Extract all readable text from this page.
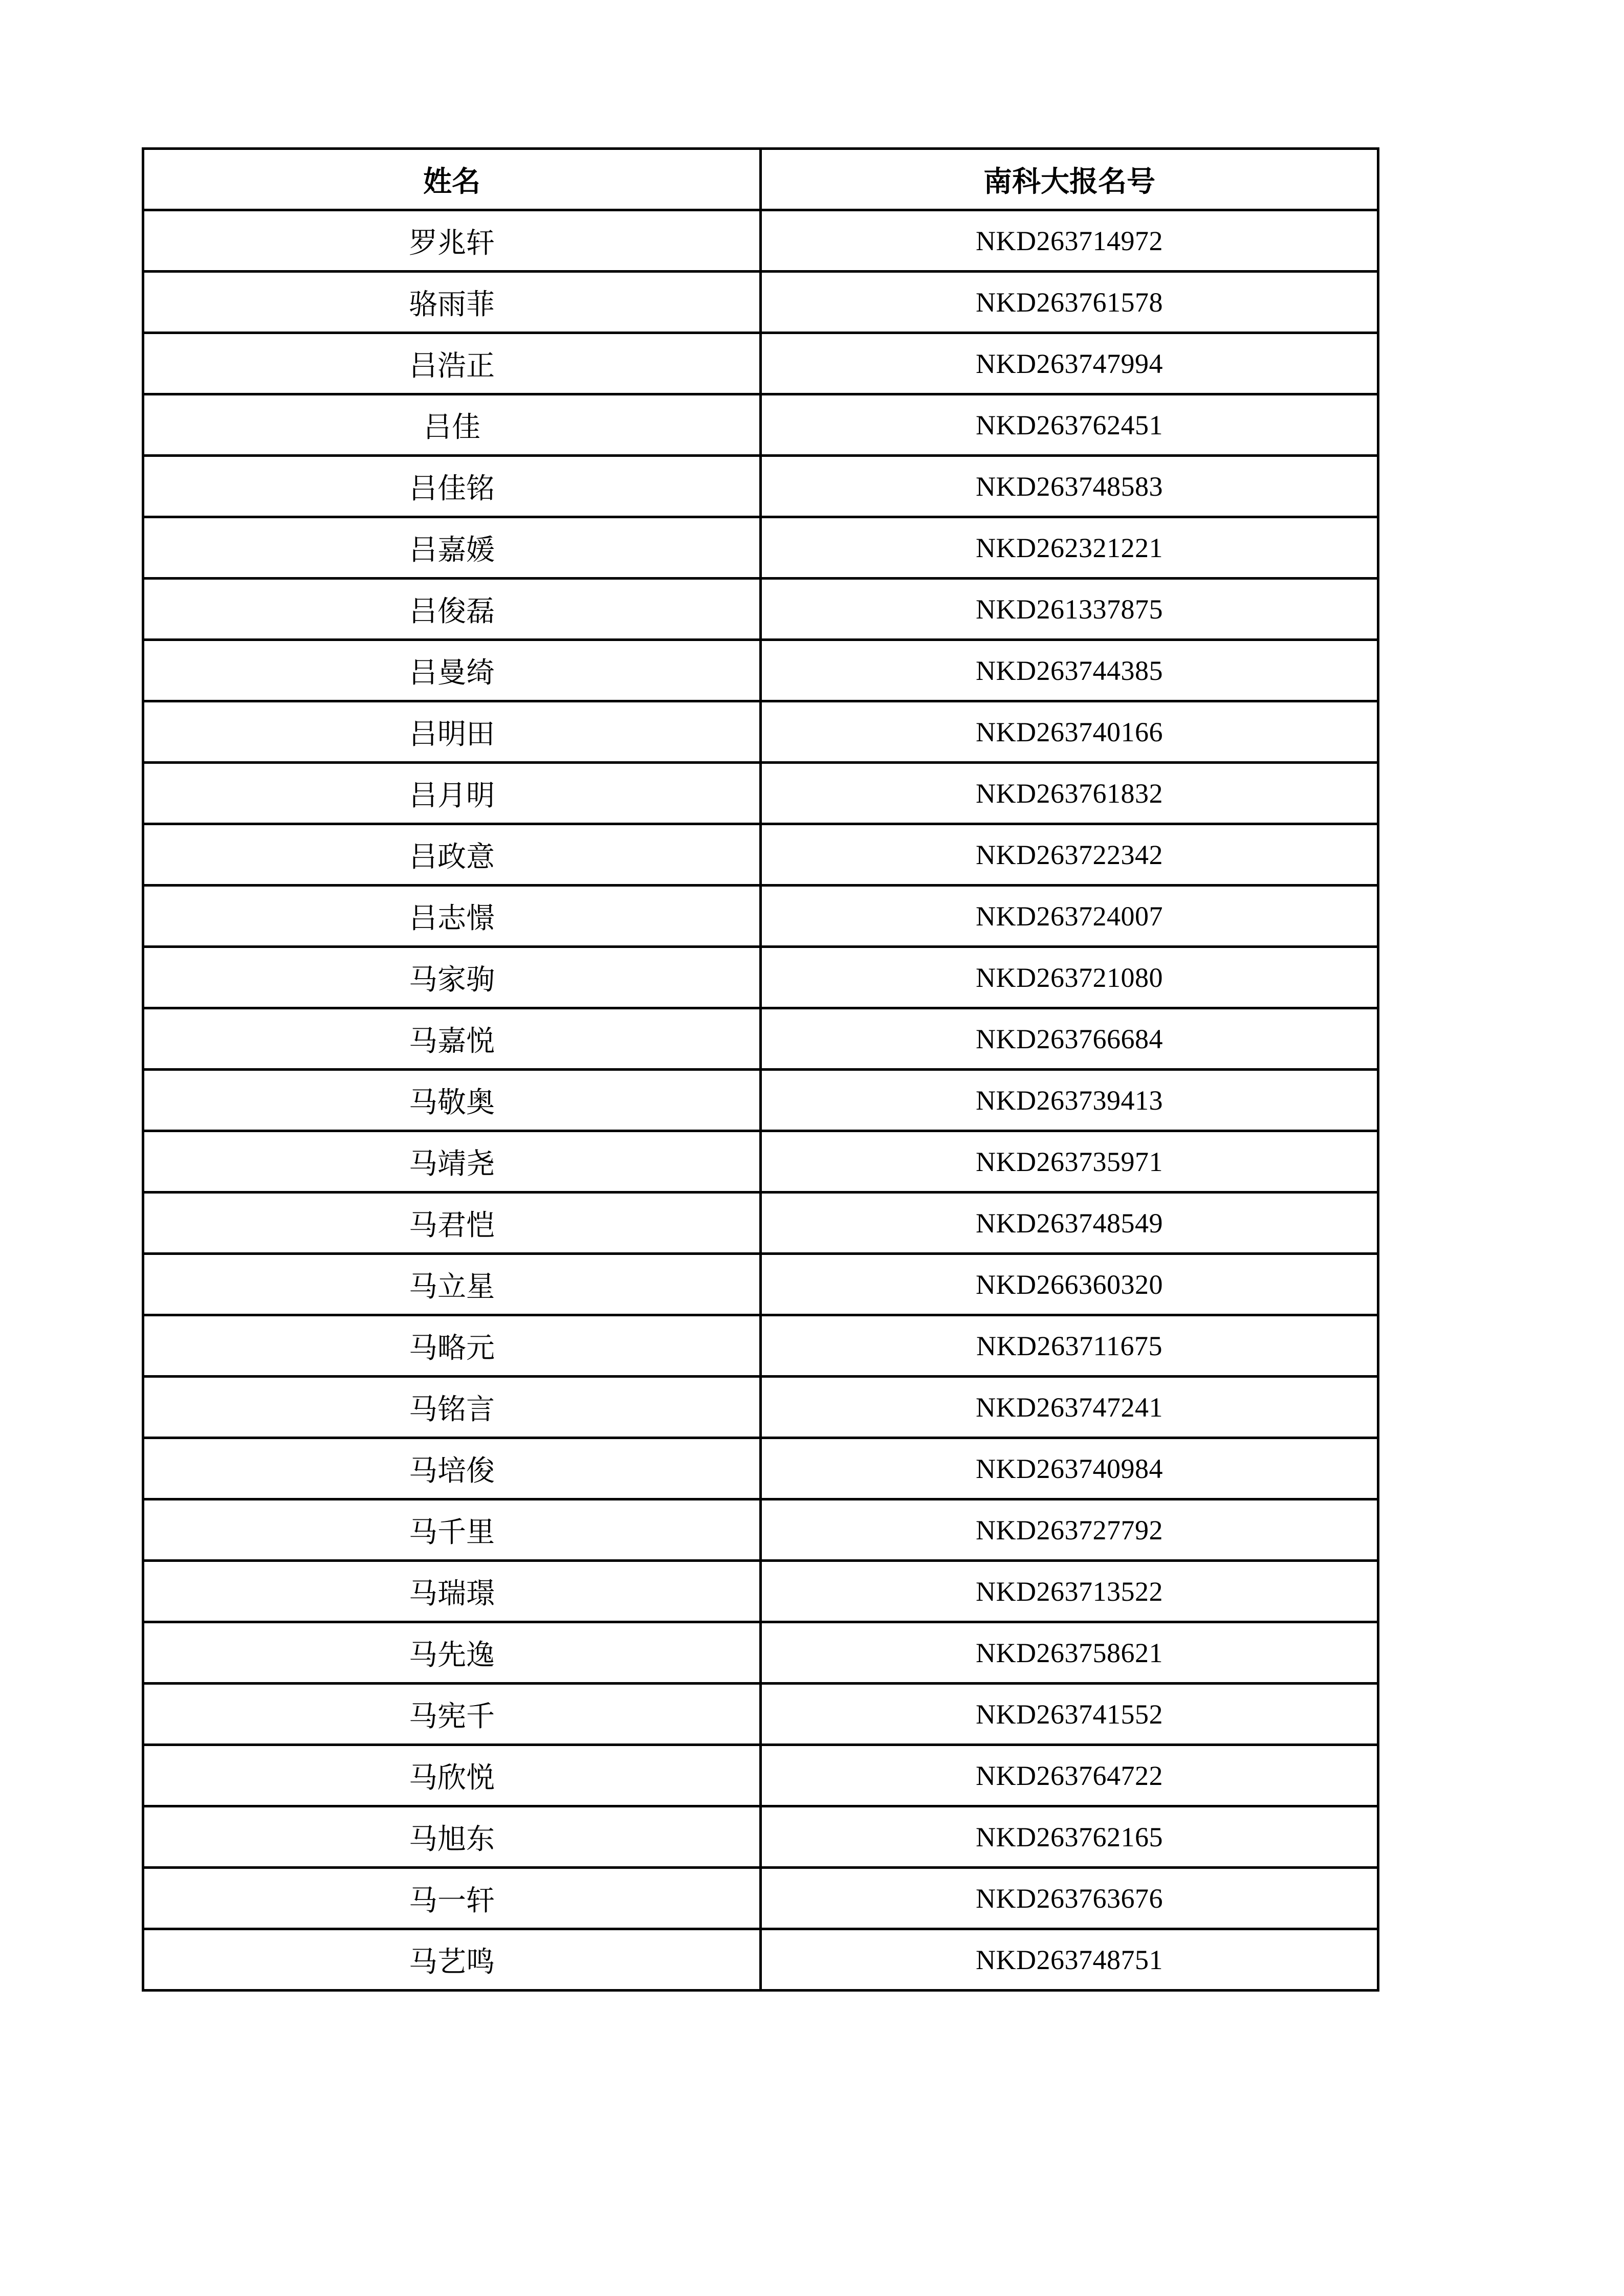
姓名	南科大报名号
罗兆轩	NKD263714972
骆雨菲	NKD263761578
吕浩正	NKD263747994
吕佳	NKD263762451
吕佳铭	NKD263748583
吕嘉媛	NKD262321221
吕俊磊	NKD261337875
吕曼绮	NKD263744385
吕明田	NKD263740166
吕月明	NKD263761832
吕政意	NKD263722342
吕志憬	NKD263724007
马家驹	NKD263721080
马嘉悦	NKD263766684
马敬奥	NKD263739413
马靖尧	NKD263735971
马君恺	NKD263748549
马立星	NKD266360320
马略元	NKD263711675
马铭言	NKD263747241
马培俊	NKD263740984
马千里	NKD263727792
马瑞璟	NKD263713522
马先逸	NKD263758621
马宪千	NKD263741552
马欣悦	NKD263764722
马旭东	NKD263762165
马一轩	NKD263763676
马艺鸣	NKD263748751
